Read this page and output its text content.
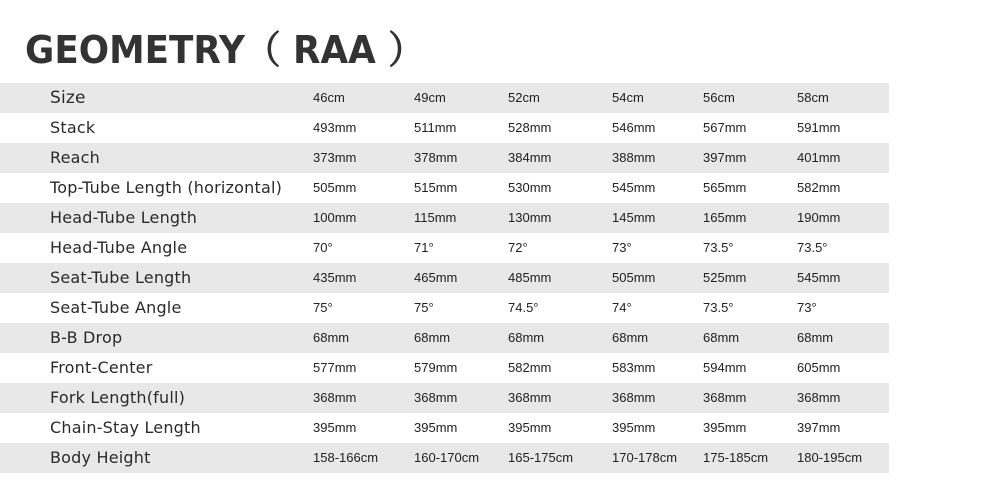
GEOMETRY（ RAA ）
Size	46cm	49cm	52cm	54cm	56cm	58cm
Stack	493mm	511mm	528mm	546mm	567mm	591mm
Reach	373mm	378mm	384mm	388mm	397mm	401mm
Top-Tube Length (horizontal) 505mm	515mm	530mm	545mm	565mm	582mm
Head-Tube Length	100mm	115mm	130mm	145mm	165mm	190mm
Head-Tube Angle	70°	71°	72°	73°	73.5°	73.5°
Seat-Tube Length	435mm	465mm	485mm	505mm	525mm	545mm
Seat-Tube Angle	75°	75°	74.5°	74°	73.5°	73°
B-B Drop	68mm	68mm	68mm	68mm	68mm	68mm
Front-Center	577mm	579mm	582mm	583mm	594mm	605mm
Fork Length(full)	368mm	368mm	368mm	368mm	368mm	368mm
Chain-Stay Length	395mm	395mm	395mm	395mm	395mm	397mm
Body Height	158-166cm	160-170cm 165-175cm	170-178cm 175-185cm 180-195cm
